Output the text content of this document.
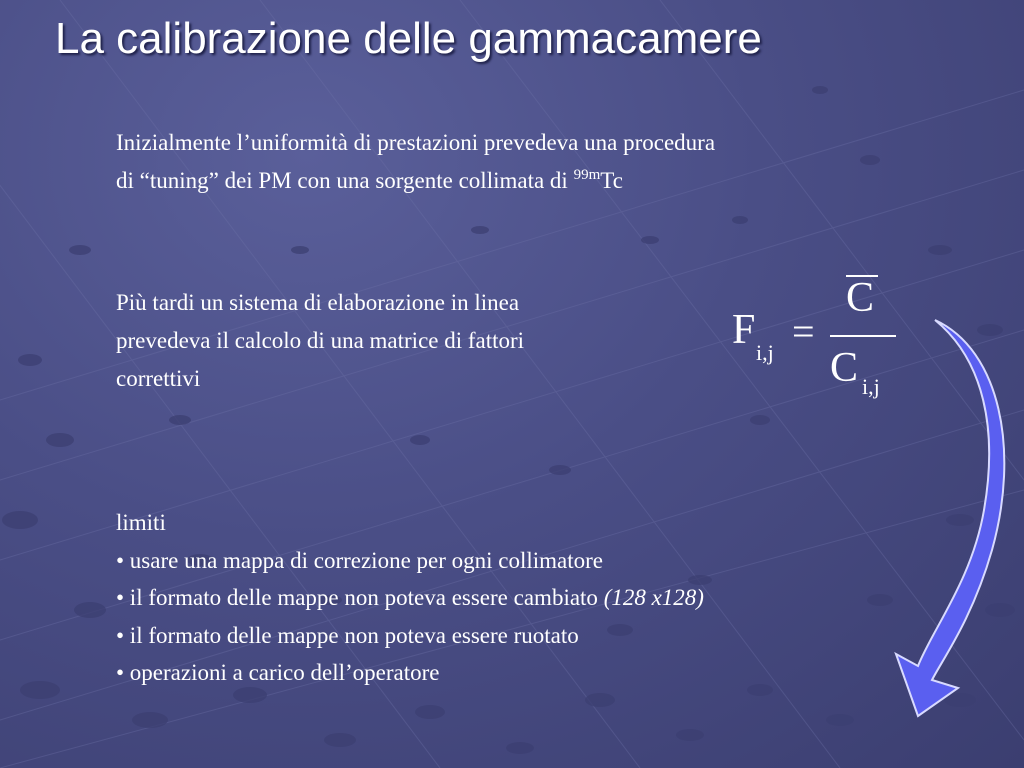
La calibrazione delle gammacamere
Inizialmente l’uniformità di prestazioni prevedeva una procedura
di “tuning” dei PM con una sorgente collimata di $^{99m}$Tc
Più tardi un sistema di elaborazione in linea
prevedeva il calcolo di una matrice di fattori
correttivi
F i,j =
C
C i,j
limiti
• usare una mappa di correzione per ogni collimatore
• il formato delle mappe non poteva essere cambiato (128 x128)
• il formato delle mappe non poteva essere ruotato
• operazioni a carico dell’operatore
